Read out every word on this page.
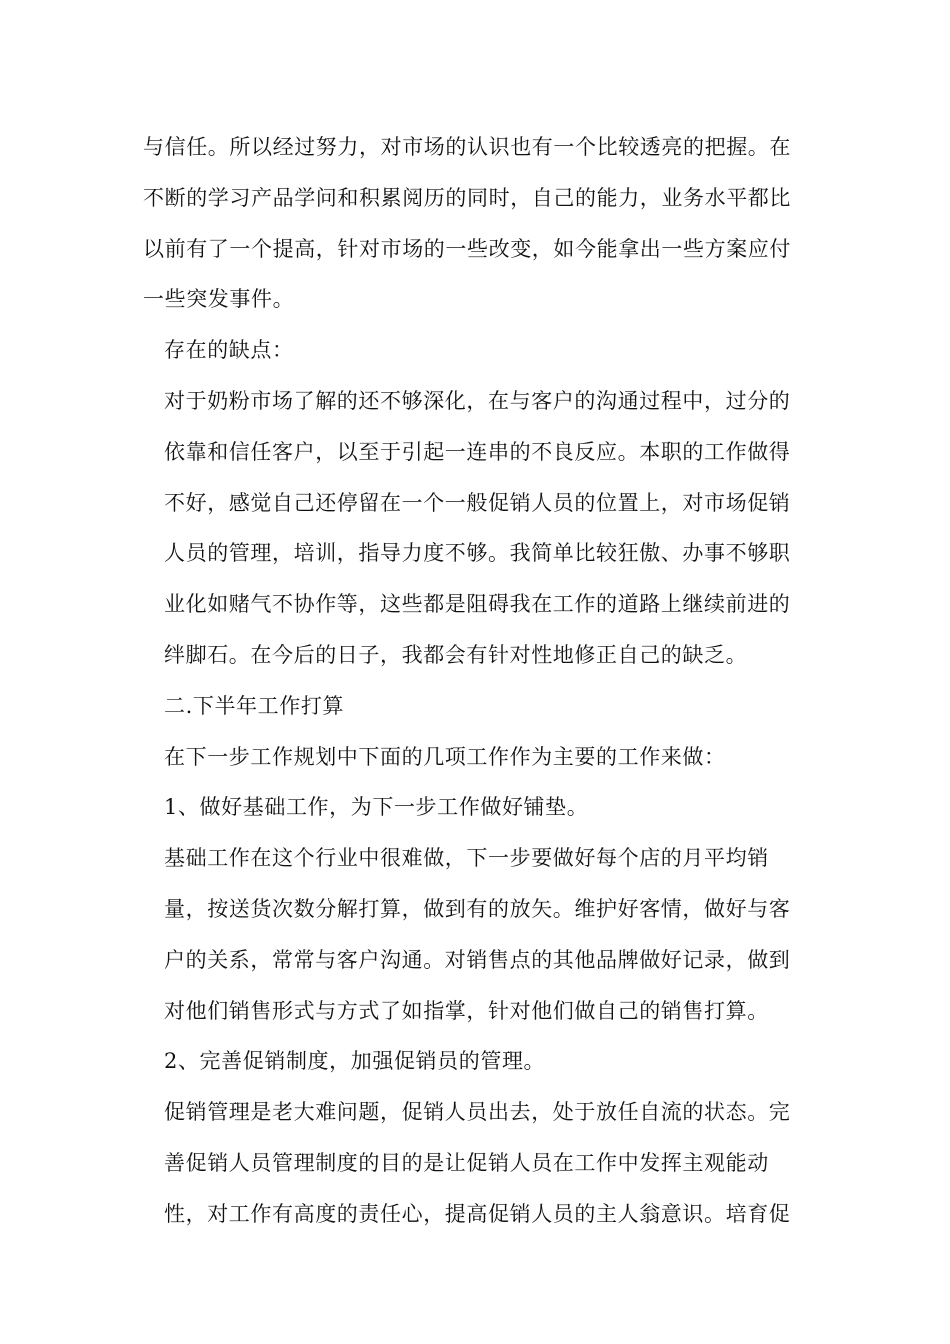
与信任。所以经过努力，对市场的认识也有一个比较透亮的把握。在不断的学习产品学问和积累阅历的同时，自己的能力，业务水平都比以前有了一个提高，针对市场的一些改变，如今能拿出一些方案应付一些突发事件。

存在的缺点：

对于奶粉市场了解的还不够深化，在与客户的沟通过程中，过分的依靠和信任客户，以至于引起一连串的不良反应。本职的工作做得不好，感觉自己还停留在一个一般促销人员的位置上，对市场促销人员的管理，培训，指导力度不够。我简单比较狂傲、办事不够职业化如赌气不协作等，这些都是阻碍我在工作的道路上继续前进的绊脚石。在今后的日子，我都会有针对性地修正自己的缺乏。

二.下半年工作打算

在下一步工作规划中下面的几项工作作为主要的工作来做：

1、做好基础工作，为下一步工作做好铺垫。

基础工作在这个行业中很难做，下一步要做好每个店的月平均销量，按送货次数分解打算，做到有的放矢。维护好客情，做好与客户的关系，常常与客户沟通。对销售点的其他品牌做好记录，做到对他们销售形式与方式了如指掌，针对他们做自己的销售打算。

2、完善促销制度，加强促销员的管理。

促销管理是老大难问题，促销人员出去，处于放任自流的状态。完善促销人员管理制度的目的是让促销人员在工作中发挥主观能动性，对工作有高度的责任心，提高促销人员的主人翁意识。培育促
